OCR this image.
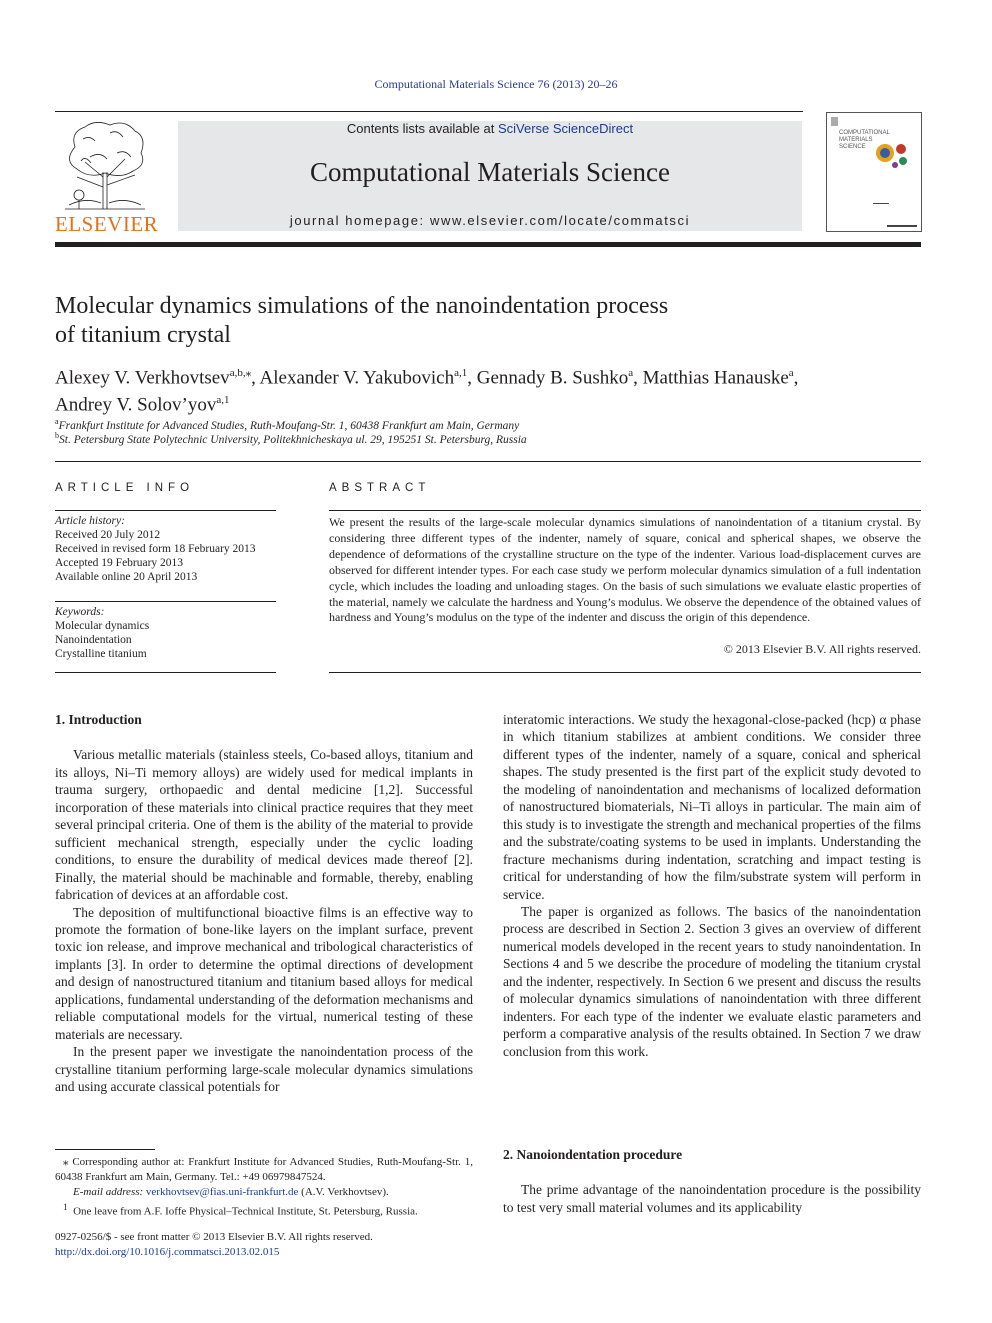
Computational Materials Science 76 (2013) 20–26
ELSEVIER
Contents lists available at SciVerse ScienceDirect
Computational Materials Science
journal homepage: www.elsevier.com/locate/commatsci
COMPUTATIONAL MATERIALS SCIENCE
Molecular dynamics simulations of the nanoindentation process
of titanium crystal
Alexey V. Verkhovtsev$^{a,b,⁎}$, Alexander V. Yakubovich$^{a,1}$, Gennady B. Sushko$^a$, Matthias Hanauske$^a$,
Andrey V. Solov’yov$^{a,1}$
$^a$Frankfurt Institute for Advanced Studies, Ruth-Moufang-Str. 1, 60438 Frankfurt am Main, Germany
$^b$St. Petersburg State Polytechnic University, Politekhnicheskaya ul. 29, 195251 St. Petersburg, Russia
ARTICLE INFO
Article history:
Received 20 July 2012
Received in revised form 18 February 2013
Accepted 19 February 2013
Available online 20 April 2013
Keywords:
Molecular dynamics
Nanoindentation
Crystalline titanium
ABSTRACT
We present the results of the large-scale molecular dynamics simulations of nanoindentation of a titanium crystal. By considering three different types of the indenter, namely of square, conical and spherical shapes, we observe the dependence of deformations of the crystalline structure on the type of the indenter. Various load-displacement curves are observed for different intender types. For each case study we perform molecular dynamics simulation of a full indentation cycle, which includes the loading and unloading stages. On the basis of such simulations we evaluate elastic properties of the material, namely we calculate the hardness and Young’s modulus. We observe the dependence of the obtained values of hardness and Young’s modulus on the type of the indenter and discuss the origin of this dependence.
© 2013 Elsevier B.V. All rights reserved.
1. Introduction

Various metallic materials (stainless steels, Co-based alloys, titanium and its alloys, Ni–Ti memory alloys) are widely used for medical implants in trauma surgery, orthopaedic and dental medicine [1,2]. Successful incorporation of these materials into clinical practice requires that they meet several principal criteria. One of them is the ability of the material to provide sufficient mechanical strength, especially under the cyclic loading conditions, to ensure the durability of medical devices made thereof [2]. Finally, the material should be machinable and formable, thereby, enabling fabrication of devices at an affordable cost.

The deposition of multifunctional bioactive films is an effective way to promote the formation of bone-like layers on the implant surface, prevent toxic ion release, and improve mechanical and tribological characteristics of implants [3]. In order to determine the optimal directions of development and design of nanostructured titanium and titanium based alloys for medical applications, fundamental understanding of the deformation mechanisms and reliable computational models for the virtual, numerical testing of these materials are necessary.

In the present paper we investigate the nanoindentation process of the crystalline titanium performing large-scale molecular dynamics simulations and using accurate classical potentials for

interatomic interactions. We study the hexagonal-close-packed (hcp) α phase in which titanium stabilizes at ambient conditions. We consider three different types of the indenter, namely of a square, conical and spherical shapes. The study presented is the first part of the explicit study devoted to the modeling of nanoindentation and mechanisms of localized deformation of nanostructured biomaterials, Ni–Ti alloys in particular. The main aim of this study is to investigate the strength and mechanical properties of the films and the substrate/coating systems to be used in implants. Understanding the fracture mechanisms during indentation, scratching and impact testing is critical for understanding of how the film/substrate system will perform in service.

The paper is organized as follows. The basics of the nanoindentation process are described in Section 2. Section 3 gives an overview of different numerical models developed in the recent years to study nanoindentation. In Sections 4 and 5 we describe the procedure of modeling the titanium crystal and the indenter, respectively. In Section 6 we present and discuss the results of molecular dynamics simulations of nanoindentation with three different indenters. For each type of the indenter we evaluate elastic parameters and perform a comparative analysis of the results obtained. In Section 7 we draw conclusion from this work.

2. Nanoiondentation procedure

The prime advantage of the nanoindentation procedure is the possibility to test very small material volumes and its applicability

⁎ Corresponding author at: Frankfurt Institute for Advanced Studies, Ruth-Moufang-Str. 1, 60438 Frankfurt am Main, Germany. Tel.: +49 06979847524.
E-mail address: verkhovtsev@fias.uni-frankfurt.de (A.V. Verkhovtsev).
$^1$ One leave from A.F. Ioffe Physical–Technical Institute, St. Petersburg, Russia.
0927-0256/$ - see front matter © 2013 Elsevier B.V. All rights reserved.
http://dx.doi.org/10.1016/j.commatsci.2013.02.015
